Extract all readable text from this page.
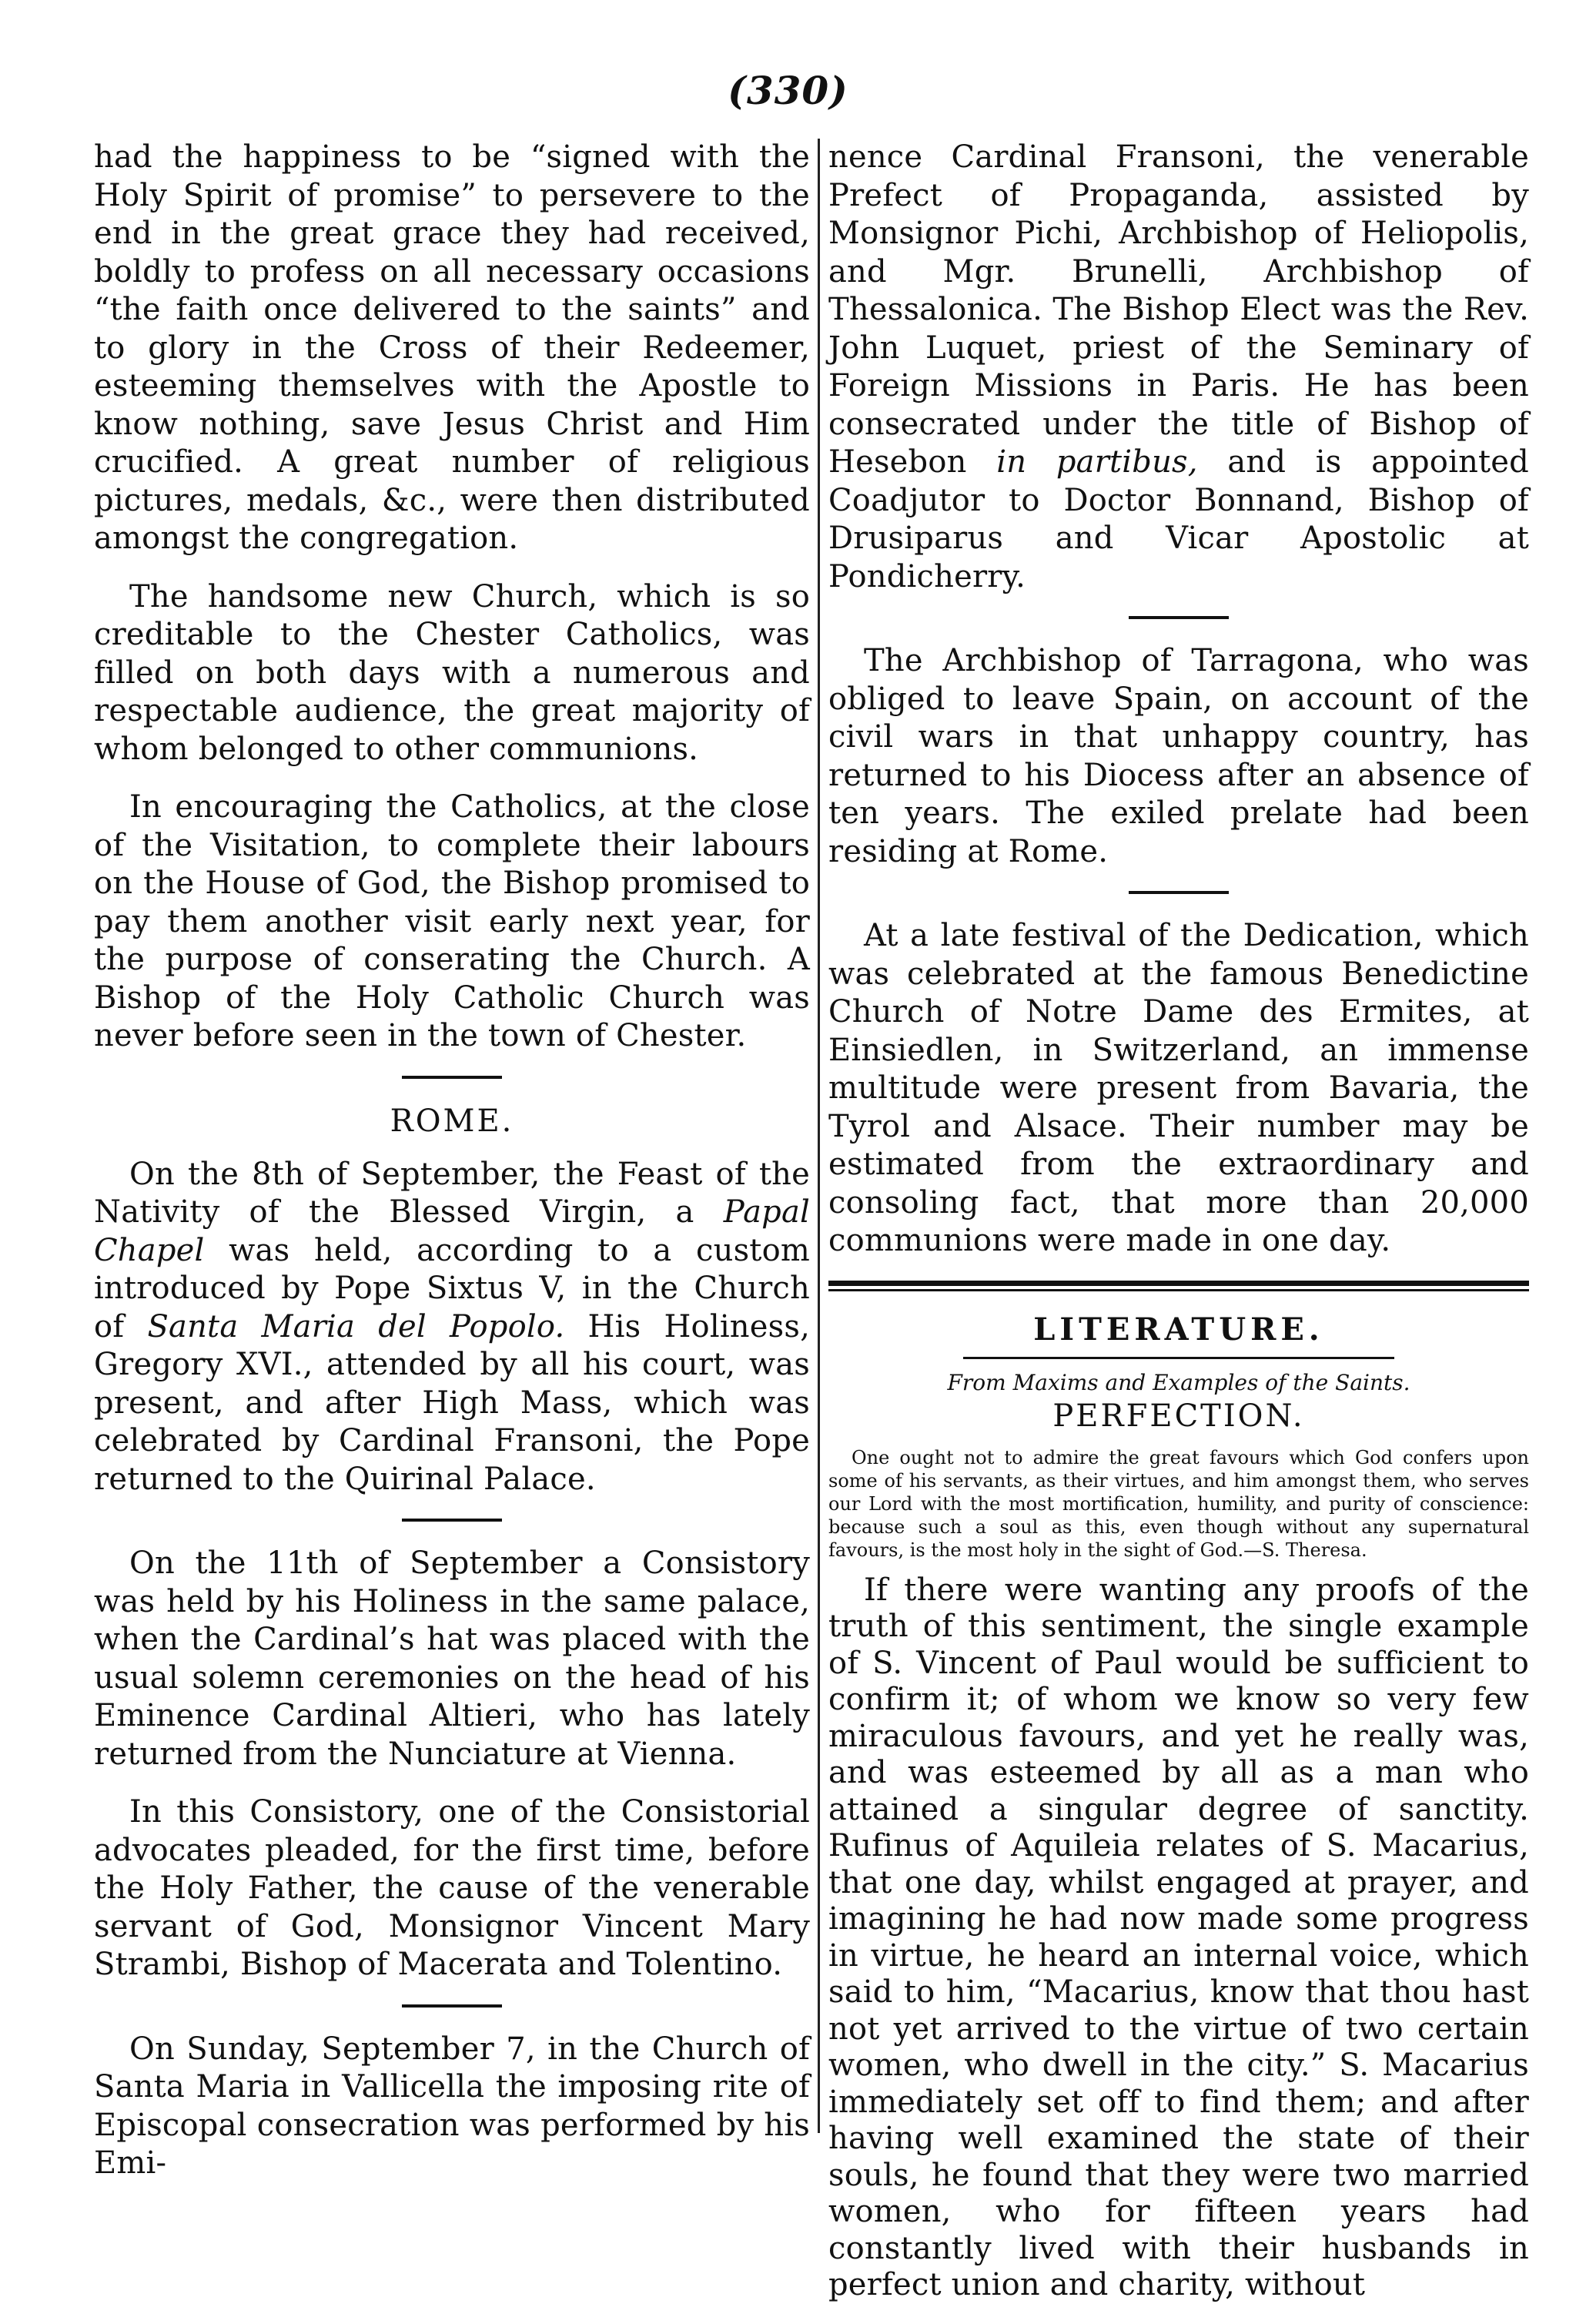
(330)

had the happiness to be “signed with the Holy Spirit of promise” to persevere to the end in the great grace they had received, boldly to profess on all necessary occasions “the faith once delivered to the saints” and to glory in the Cross of their Redeemer, esteeming themselves with the Apostle to know nothing, save Jesus Christ and Him crucified. A great number of religious pictures, medals, &c., were then distributed amongst the congregation.

The handsome new Church, which is so creditable to the Chester Catholics, was filled on both days with a numerous and respectable audience, the great majority of whom belonged to other communions.

In encouraging the Catholics, at the close of the Visitation, to complete their labours on the House of God, the Bishop promised to pay them another visit early next year, for the purpose of conserating the Church. A Bishop of the Holy Catholic Church was never before seen in the town of Chester.

ROME.

On the 8th of September, the Feast of the Nativity of the Blessed Virgin, a Papal Chapel was held, according to a custom introduced by Pope Sixtus V, in the Church of Santa Maria del Popolo. His Holiness, Gregory XVI., attended by all his court, was present, and after High Mass, which was celebrated by Cardinal Fransoni, the Pope returned to the Quirinal Palace.

On the 11th of September a Consistory was held by his Holiness in the same palace, when the Cardinal’s hat was placed with the usual solemn ceremonies on the head of his Eminence Cardinal Altieri, who has lately returned from the Nunciature at Vienna.

In this Consistory, one of the Consistorial advocates pleaded, for the first time, before the Holy Father, the cause of the venerable servant of God, Monsignor Vincent Mary Strambi, Bishop of Macerata and Tolentino.

On Sunday, September 7, in the Church of Santa Maria in Vallicella the imposing rite of Episcopal consecration was performed by his Emi-

nence Cardinal Fransoni, the venerable Prefect of Propaganda, assisted by Monsignor Pichi, Archbishop of Heliopolis, and Mgr. Brunelli, Archbishop of Thessalonica. The Bishop Elect was the Rev. John Luquet, priest of the Seminary of Foreign Missions in Paris. He has been consecrated under the title of Bishop of Hesebon in partibus, and is appointed Coadjutor to Doctor Bonnand, Bishop of Drusiparus and Vicar Apostolic at Pondicherry.

The Archbishop of Tarragona, who was obliged to leave Spain, on account of the civil wars in that unhappy country, has returned to his Diocess after an absence of ten years. The exiled prelate had been residing at Rome.

At a late festival of the Dedication, which was celebrated at the famous Benedictine Church of Notre Dame des Ermites, at Einsiedlen, in Switzerland, an immense multitude were present from Bavaria, the Tyrol and Alsace. Their number may be estimated from the extraordinary and consoling fact, that more than 20,000 communions were made in one day.

LITERATURE.
From Maxims and Examples of the Saints.
PERFECTION.

One ought not to admire the great favours which God confers upon some of his servants, as their virtues, and him amongst them, who serves our Lord with the most mortification, humility, and purity of conscience: because such a soul as this, even though without any supernatural favours, is the most holy in the sight of God.—S. Theresa.

If there were wanting any proofs of the truth of this sentiment, the single example of S. Vincent of Paul would be sufficient to confirm it; of whom we know so very few miraculous favours, and yet he really was, and was esteemed by all as a man who attained a singular degree of sanctity. Rufinus of Aquileia relates of S. Macarius, that one day, whilst engaged at prayer, and imagining he had now made some progress in virtue, he heard an internal voice, which said to him, “Macarius, know that thou hast not yet arrived to the virtue of two certain women, who dwell in the city.” S. Macarius immediately set off to find them; and after having well examined the state of their souls, he found that they were two married women, who for fifteen years had constantly lived with their husbands in perfect union and charity, without
